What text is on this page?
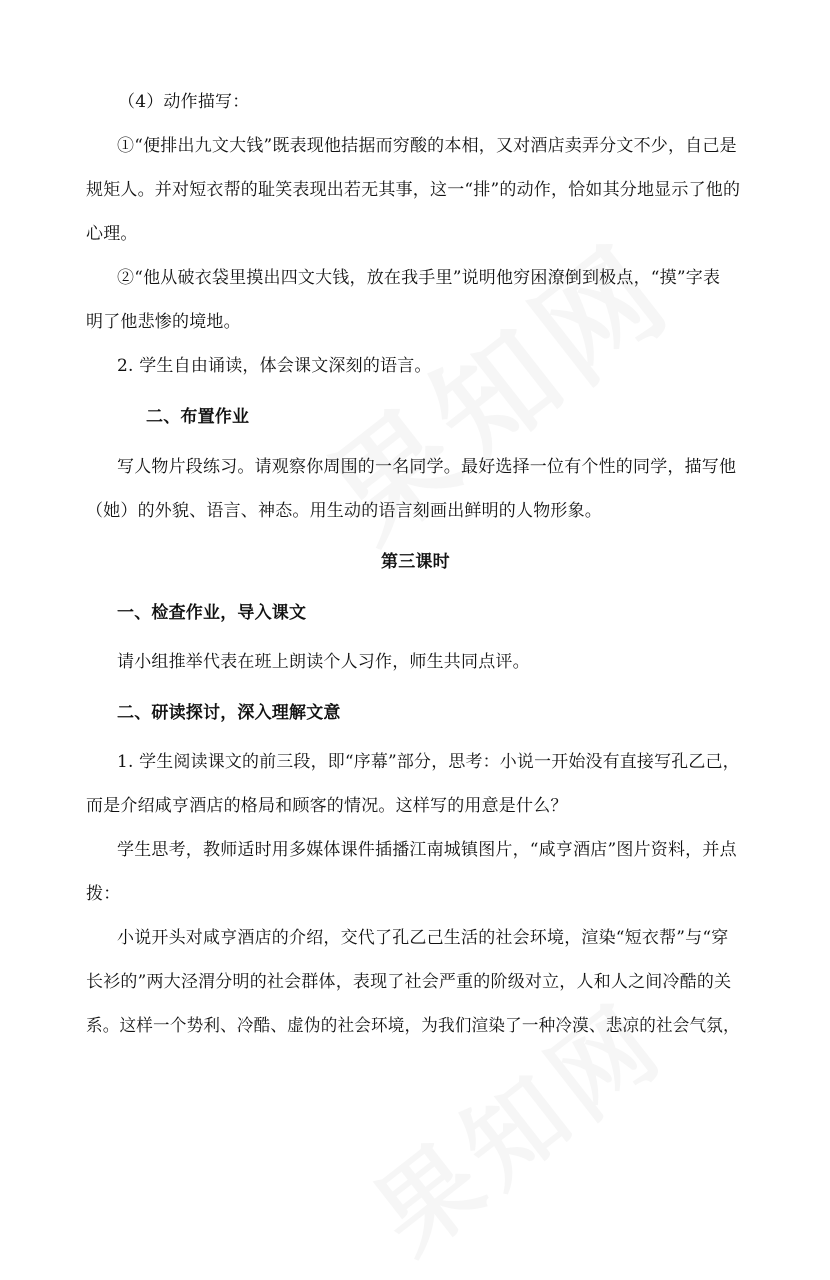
（4）动作描写：
①“便排出九文大钱”既表现他拮据而穷酸的本相，又对酒店卖弄分文不少，自己是
规矩人。并对短衣帮的耻笑表现出若无其事，这一“排”的动作，恰如其分地显示了他的
心理。
②“他从破衣袋里摸出四文大钱，放在我手里”说明他穷困潦倒到极点，“摸”字表
明了他悲惨的境地。
2. 学生自由诵读，体会课文深刻的语言。
二、布置作业
写人物片段练习。请观察你周围的一名同学。最好选择一位有个性的同学，描写他
（她）的外貌、语言、神态。用生动的语言刻画出鲜明的人物形象。
第三课时
一、检查作业，导入课文
请小组推举代表在班上朗读个人习作，师生共同点评。
二、研读探讨，深入理解文意
1. 学生阅读课文的前三段，即“序幕”部分，思考：小说一开始没有直接写孔乙己，
而是介绍咸亨酒店的格局和顾客的情况。这样写的用意是什么？
学生思考，教师适时用多媒体课件插播江南城镇图片，“咸亨酒店”图片资料，并点
拨：
小说开头对咸亨酒店的介绍，交代了孔乙己生活的社会环境，渲染“短衣帮”与“穿
长衫的”两大泾渭分明的社会群体，表现了社会严重的阶级对立，人和人之间冷酷的关
系。这样一个势利、冷酷、虚伪的社会环境，为我们渲染了一种冷漠、悲凉的社会气氛，
